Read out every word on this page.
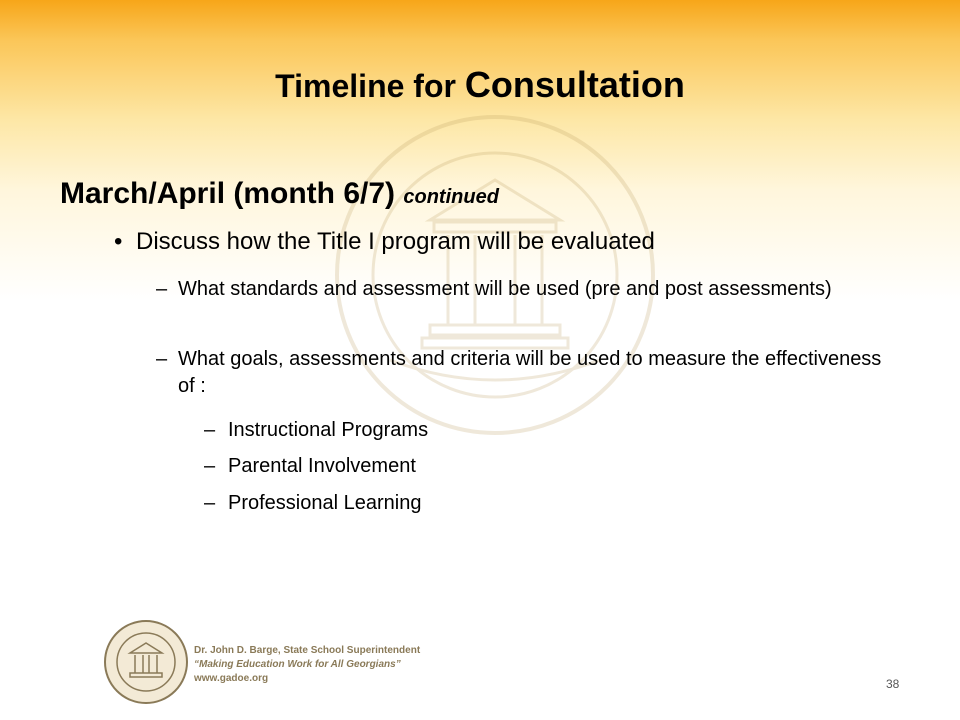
Timeline for Consultation
March/April (month 6/7) continued
• Discuss how the Title I program will be evaluated
– What standards and assessment will be used (pre and post assessments)
– What goals, assessments and criteria will be used to measure the effectiveness of :
– Instructional Programs
– Parental Involvement
– Professional Learning
Dr. John D. Barge, State School Superintendent
“Making Education Work for All Georgians”
www.gadoe.org	38
